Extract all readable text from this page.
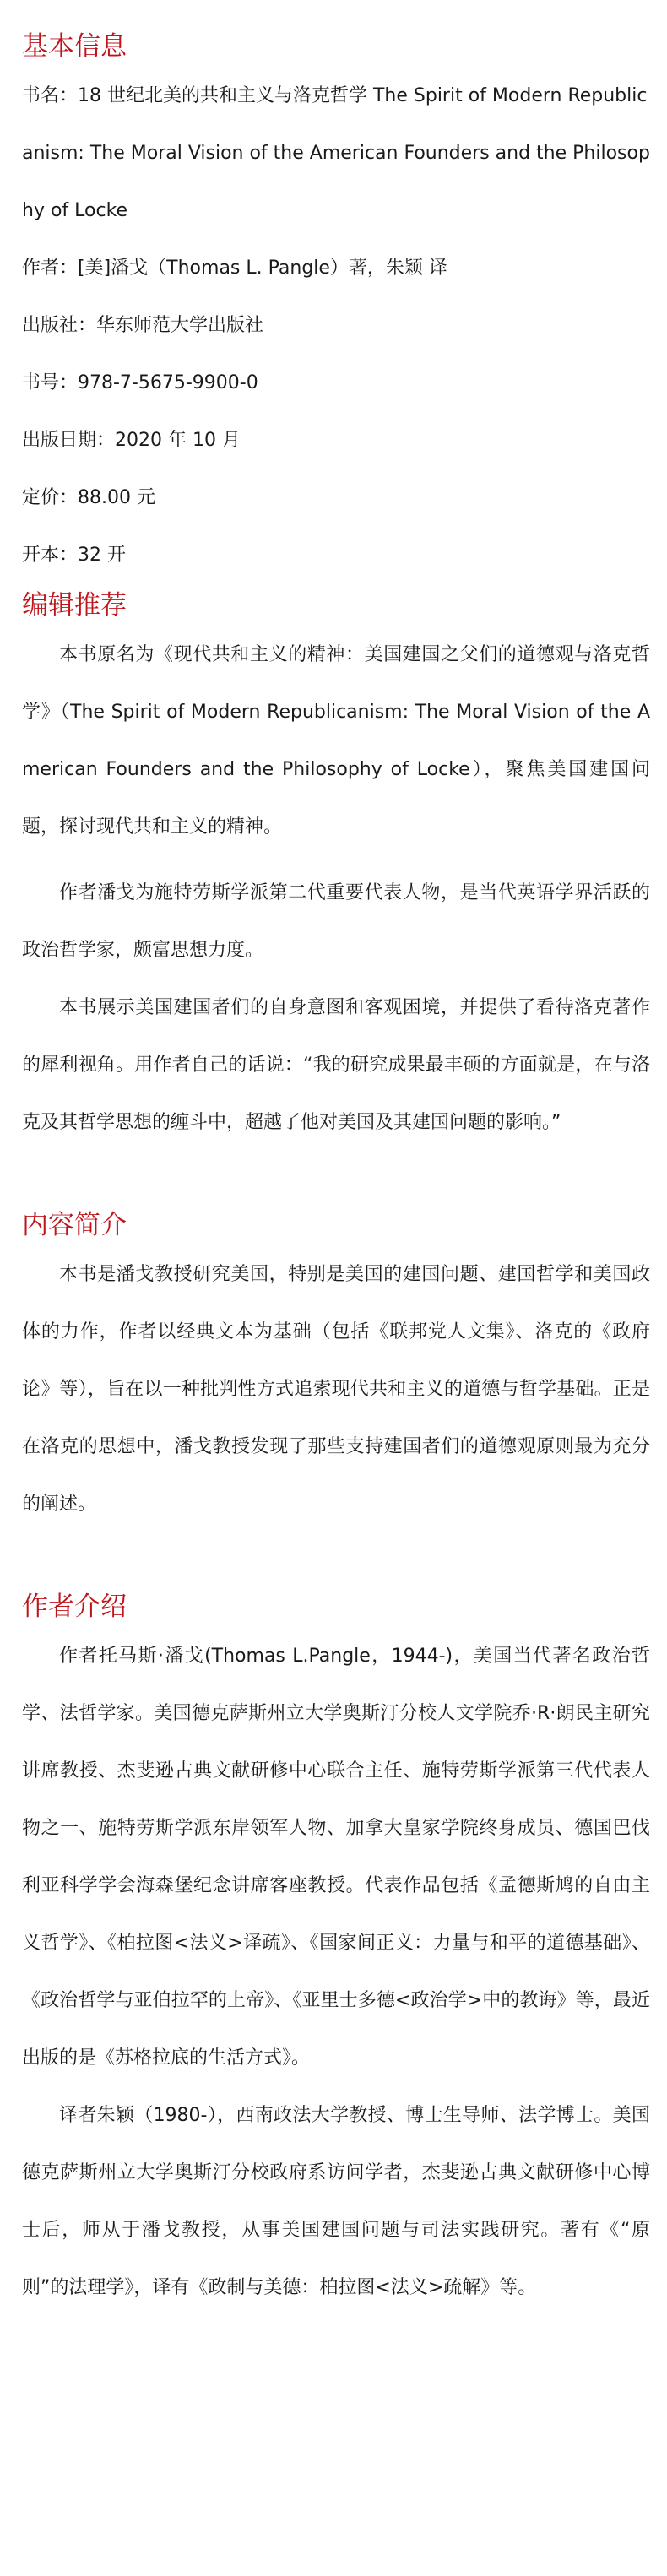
基本信息

书名：18 世纪北美的共和主义与洛克哲学 The Spirit of Modern Republicanism: The Moral Vision of the American Founders and the Philosophy of Locke

作者：[美]潘戈（Thomas L. Pangle）著，朱颖 译

出版社：华东师范大学出版社

书号：978-7-5675-9900-0

出版日期：2020 年 10 月

定价：88.00 元

开本：32 开

编辑推荐

本书原名为《现代共和主义的精神：美国建国之父们的道德观与洛克哲学》（The Spirit of Modern Republicanism: The Moral Vision of the American Founders and the Philosophy of Locke），聚焦美国建国问题，探讨现代共和主义的精神。

作者潘戈为施特劳斯学派第二代重要代表人物，是当代英语学界活跃的政治哲学家，颇富思想力度。

本书展示美国建国者们的自身意图和客观困境，并提供了看待洛克著作的犀利视角。用作者自己的话说：“我的研究成果最丰硕的方面就是，在与洛克及其哲学思想的缠斗中，超越了他对美国及其建国问题的影响。”

内容简介

本书是潘戈教授研究美国，特别是美国的建国问题、建国哲学和美国政体的力作，作者以经典文本为基础（包括《联邦党人文集》、洛克的《政府论》等），旨在以一种批判性方式追索现代共和主义的道德与哲学基础。正是在洛克的思想中，潘戈教授发现了那些支持建国者们的道德观原则最为充分的阐述。

作者介绍

作者托马斯·潘戈(Thomas L.Pangle，1944-)，美国当代著名政治哲学、法哲学家。美国德克萨斯州立大学奥斯汀分校人文学院乔·R·朗民主研究讲席教授、杰斐逊古典文献研修中心联合主任、施特劳斯学派第三代代表人物之一、施特劳斯学派东岸领军人物、加拿大皇家学院终身成员、德国巴伐利亚科学学会海森堡纪念讲席客座教授。代表作品包括《孟德斯鸠的自由主义哲学》、《柏拉图<法义>译疏》、《国家间正义：力量与和平的道德基础》、《政治哲学与亚伯拉罕的上帝》、《亚里士多德<政治学>中的教诲》等，最近出版的是《苏格拉底的生活方式》。

译者朱颖（1980-），西南政法大学教授、博士生导师、法学博士。美国德克萨斯州立大学奥斯汀分校政府系访问学者，杰斐逊古典文献研修中心博士后，师从于潘戈教授，从事美国建国问题与司法实践研究。著有《“原则”的法理学》，译有《政制与美德：柏拉图<法义>疏解》等。
